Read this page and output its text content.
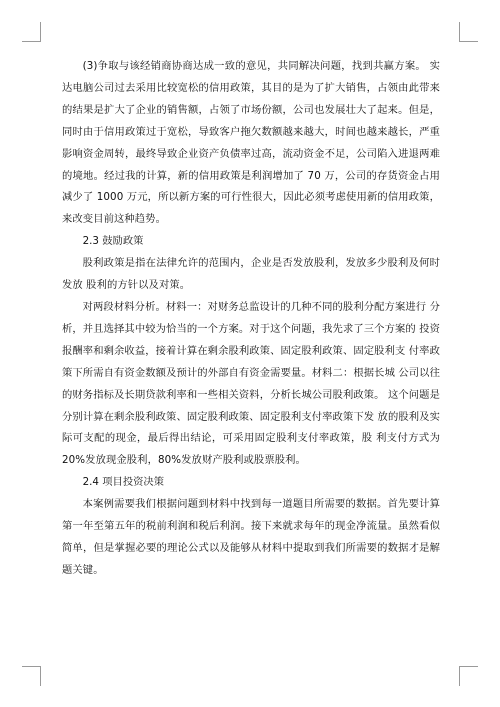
(3)争取与该经销商协商达成一致的意见，共同解决问题，找到共赢方案。 实达电脑公司过去采用比较宽松的信用政策，其目的是为了扩大销售，占领由此带来的结果是扩大了企业的销售额，占领了市场份额，公司也发展壮大了起来。但是，同时由于信用政策过于宽松，导致客户拖欠数额越来越大，时间也越来越长，严重影响资金周转，最终导致企业资产负债率过高，流动资金不足，公司陷入进退两难的境地。经过我的计算，新的信用政策是利润增加了 70 万，公司的存货资金占用减少了 1000 万元，所以新方案的可行性很大，因此必须考虑使用新的信用政策，来改变目前这种趋势。

2.3 鼓励政策

股利政策是指在法律允许的范围内，企业是否发放股利，发放多少股利及何时发放 股利的方针以及对策。

对两段材料分析。材料一：对财务总监设计的几种不同的股利分配方案进行 分析，并且选择其中较为恰当的一个方案。对于这个问题，我先求了三个方案的 投资报酬率和剩余收益，接着计算在剩余股利政策、固定股利政策、固定股利支 付率政策下所需自有资金数额及预计的外部自有资金需要量。材料二：根据长城 公司以往的财务指标及长期贷款利率和一些相关资料，分析长城公司股利政策。 这个问题是分别计算在剩余股利政策、固定股利政策、固定股利支付率政策下发 放的股利及实际可支配的现金，最后得出结论，可采用固定股利支付率政策，股 利支付方式为 20%发放现金股利，80%发放财产股利或股票股利。

2.4 项目投资决策

本案例需要我们根据问题到材料中找到每一道题目所需要的数据。首先要计算第一年至第五年的税前利润和税后利润。接下来就求每年的现金净流量。虽然看似简单，但是掌握必要的理论公式以及能够从材料中提取到我们所需要的数据才是解题关键。
